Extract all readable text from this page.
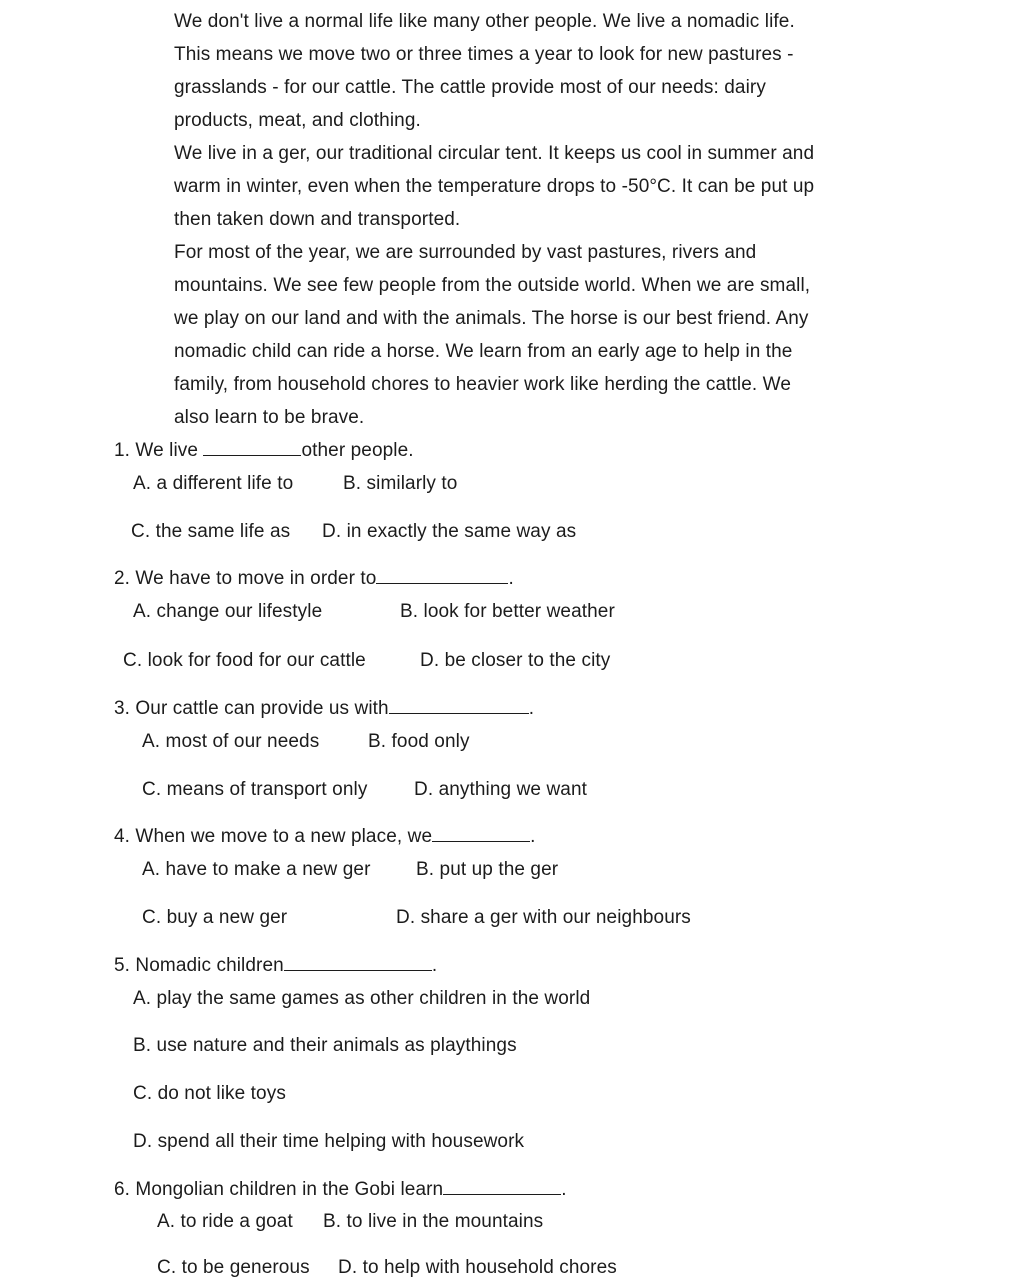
We don't live a normal life like many other people. We live a nomadic life.
This means we move two or three times a year to look for new pastures -
grasslands - for our cattle. The cattle provide most of our needs: dairy
products, meat, and clothing.
We live in a ger, our traditional circular tent. It keeps us cool in summer and
warm in winter, even when the temperature drops to -50°C. It can be put up
then taken down and transported.
For most of the year, we are surrounded by vast pastures, rivers and
mountains. We see few people from the outside world. When we are small,
we play on our land and with the animals. The horse is our best friend. Any
nomadic child can ride a horse. We learn from an early age to help in the
family, from household chores to heavier work like herding the cattle. We
also learn to be brave.
1. We live	other people.
A. a different life to	B. similarly to
C. the same life as D. in exactly the same way as
2. We have to move in order to	.
A. change our lifestyle	B. look for better weather
C. look for food for our cattle	D. be closer to the city
3. Our cattle can provide us with	.
A. most of our needs	B. food only
C. means of transport only D. anything we want
4. When we move to a new place, we	.
A. have to make a new ger B. put up the ger
C. buy a new ger	D. share a ger with our neighbours
5. Nomadic children	.
A. play the same games as other children in the world
B. use nature and their animals as playthings
C. do not like toys
D. spend all their time helping with housework
6. Mongolian children in the Gobi learn	.
A. to ride a goat B. to live in the mountains
C. to be generous D. to help with household chores
